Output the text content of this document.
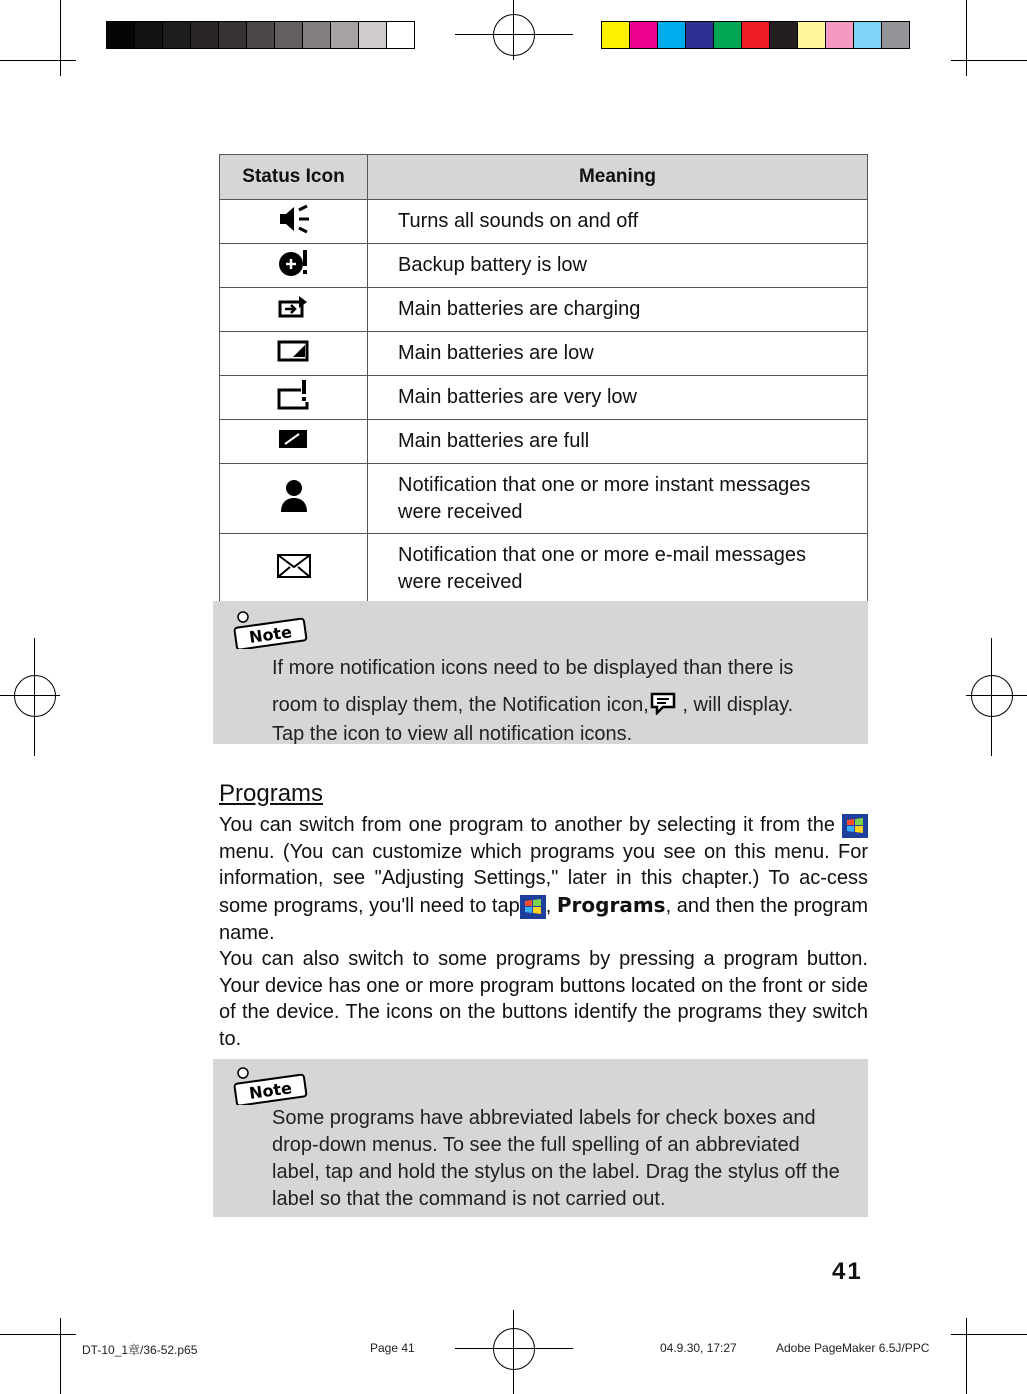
Status Icon	Meaning
	Turns all sounds on and off
	Backup battery is low
	Main batteries are charging
	Main batteries are low
	Main batteries are very low
	Main batteries are full
	Notification that one or more instant messages were received
	Notification that one or more e-mail messages were received
Note
If more notification icons need to be displayed than there is
room to display them, the Notification icon, , will display.
Tap the icon to view all notification icons.
Programs
You can switch from one program to another by selecting it from the  menu. (You can customize which programs you see on this menu. For information, see "Adjusting Settings," later in this chapter.) To ac-cess some programs, you'll need to tap , Programs, and then the program name.
You can also switch to some programs by pressing a program button. Your device has one or more program buttons located on the front or side of the device. The icons on the buttons identify the programs they switch to.
Note
Some programs have abbreviated labels for check boxes and drop-down menus. To see the full spelling of an abbreviated label, tap and hold the stylus on the label. Drag the stylus off the label so that the command is not carried out.
41
DT-10_1章/36-52.p65	Page 41	04.9.30, 17:27	Adobe PageMaker 6.5J/PPC
